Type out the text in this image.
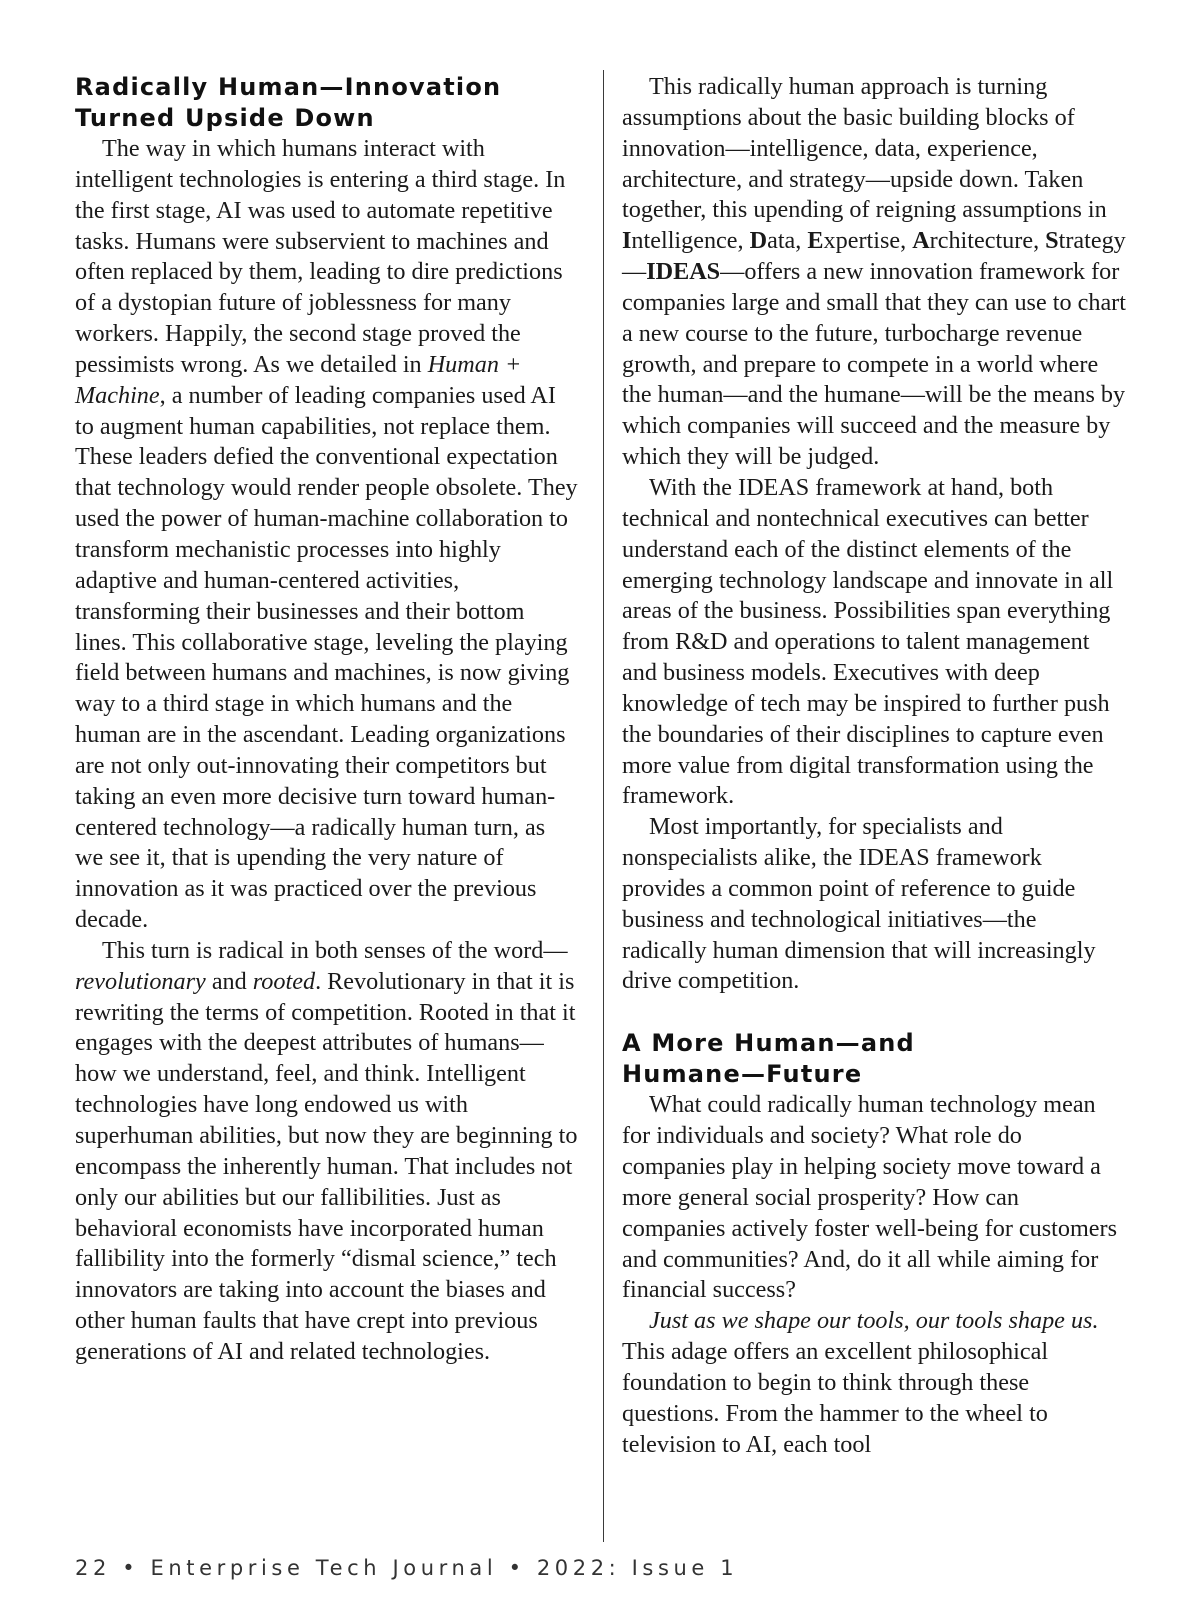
Radically Human—Innovation
Turned Upside Down

The way in which humans interact with intelligent technologies is entering a third stage. In the first stage, AI was used to automate repetitive tasks. Humans were subservient to machines and often replaced by them, leading to dire predictions of a dystopian future of joblessness for many workers. Happily, the second stage proved the pessimists wrong. As we detailed in Human + Machine, a number of leading companies used AI to augment human capabilities, not replace them. These leaders defied the conventional expectation that technology would render people obsolete. They used the power of human-machine collaboration to transform mechanistic processes into highly adaptive and human-centered activities, transforming their businesses and their bottom lines. This collaborative stage, leveling the playing field between humans and machines, is now giving way to a third stage in which humans and the human are in the ascendant. Leading organizations are not only out-innovating their competitors but taking an even more decisive turn toward human-centered technology—a radically human turn, as we see it, that is upending the very nature of innovation as it was practiced over the previous decade.

This turn is radical in both senses of the word—revolutionary and rooted. Revolutionary in that it is rewriting the terms of competition. Rooted in that it engages with the deepest attributes of humans—how we understand, feel, and think. Intelligent technologies have long endowed us with superhuman abilities, but now they are beginning to encompass the inherently human. That includes not only our abilities but our fallibilities. Just as behavioral economists have incorporated human fallibility into the formerly “dismal science,” tech innovators are taking into account the biases and other human faults that have crept into previous generations of AI and related technologies.

This radically human approach is turning assumptions about the basic building blocks of innovation—intelligence, data, experience, architecture, and strategy—upside down. Taken together, this upending of reigning assumptions in Intelligence, Data, Expertise, Architecture, Strategy—IDEAS—offers a new innovation framework for companies large and small that they can use to chart a new course to the future, turbocharge revenue growth, and prepare to compete in a world where the human—and the humane—will be the means by which companies will succeed and the measure by which they will be judged.

With the IDEAS framework at hand, both technical and nontechnical executives can better understand each of the distinct elements of the emerging technology landscape and innovate in all areas of the business. Possibilities span everything from R&D and operations to talent management and business models. Executives with deep knowledge of tech may be inspired to further push the boundaries of their disciplines to capture even more value from digital transformation using the framework.

Most importantly, for specialists and nonspecialists alike, the IDEAS framework provides a common point of reference to guide business and technological initiatives—the radically human dimension that will increasingly drive competition.

A More Human—and
Humane—Future

What could radically human technology mean for individuals and society? What role do companies play in helping society move toward a more general social prosperity? How can companies actively foster well-being for customers and communities? And, do it all while aiming for financial success?

Just as we shape our tools, our tools shape us. This adage offers an excellent philosophical foundation to begin to think through these questions. From the hammer to the wheel to television to AI, each tool

22 • Enterprise Tech Journal • 2022: Issue 1
